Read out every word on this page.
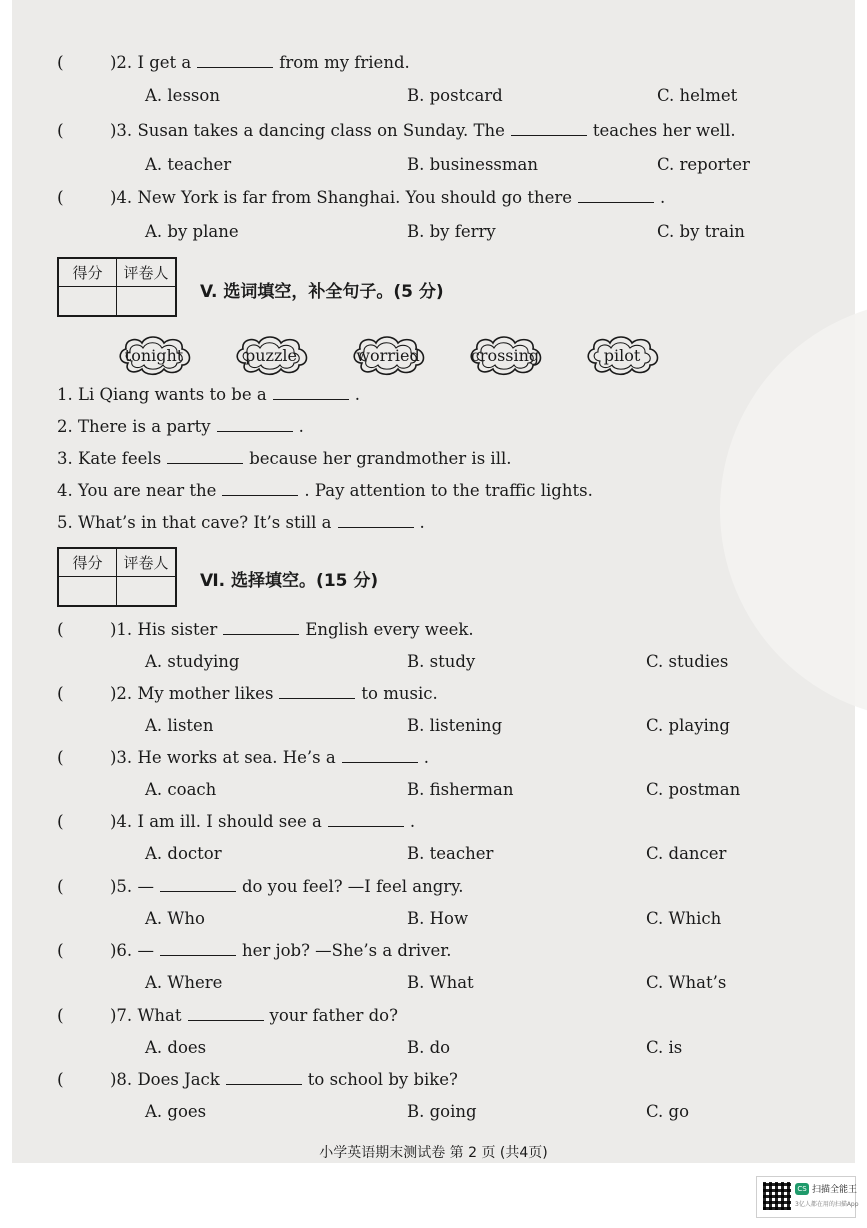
(	)2. I get a	from my friend.
A. lesson	B. postcard	C. helmet
(	)3. Susan takes a dancing class on Sunday. The	teaches her well.
A. teacher	B. businessman	C. reporter
(	)4. New York is far from Shanghai. You should go there	.
A. by plane	B. by ferry	C. by train
得分	评卷人
V. 选词填空，补全句子。(5 分)
tonight	puzzle	worried	crossing	pilot
1. Li Qiang wants to be a	.
2. There is a party	.
3. Kate feels	because her grandmother is ill.
4. You are near the	. Pay attention to the traffic lights.
5. What’s in that cave? It’s still a	.
得分	评卷人
Ⅵ. 选择填空。(15 分)
(	)1. His sister	English every week.
A. studying	B. study	C. studies
(	)2. My mother likes	to music.
A. listen	B. listening	C. playing
(	)3. He works at sea. He’s a	.
A. coach	B. fisherman	C. postman
(	)4. I am ill. I should see a	.
A. doctor	B. teacher	C. dancer
(	)5. —	do you feel? —I feel angry.
A. Who	B. How	C. Which
(	)6. —	her job? —She’s a driver.
A. Where	B. What	C. What’s
(	)7. What	your father do?
A. does	B. do	C. is
(	)8. Does Jack	to school by bike?
A. goes	B. going	C. go
小学英语期末测试卷 第 2 页 (共4页)
CS 扫描全能王
3亿人都在用的扫描App
